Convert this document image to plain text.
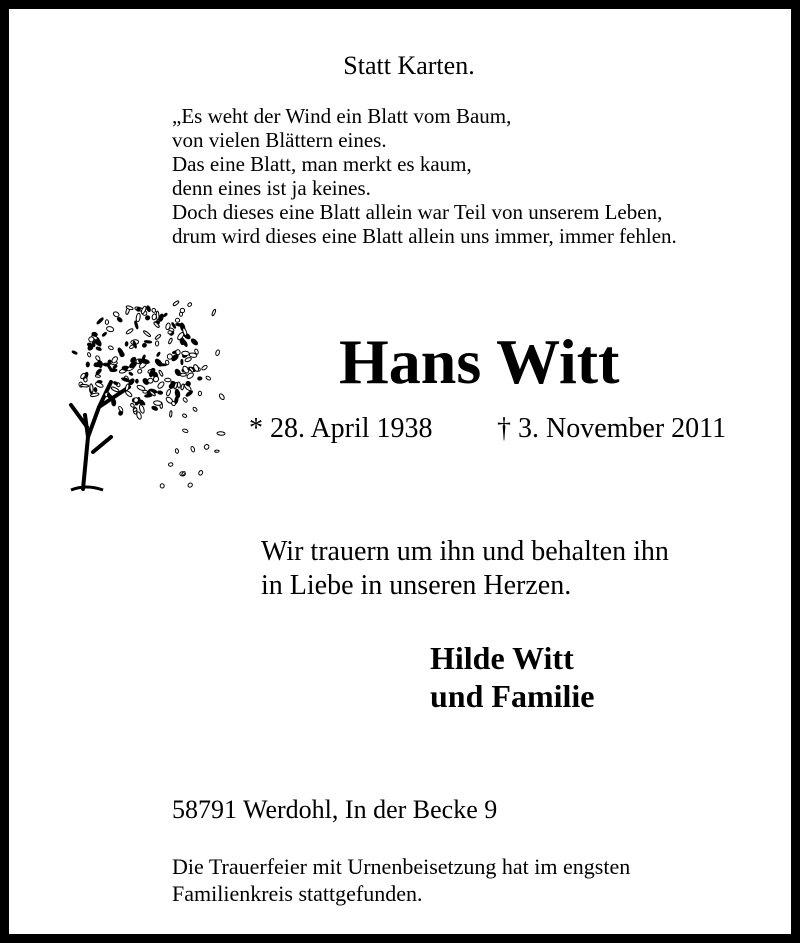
Statt Karten.
„Es weht der Wind ein Blatt vom Baum,
von vielen Blättern eines.
Das eine Blatt, man merkt es kaum,
denn eines ist ja keines.
Doch dieses eine Blatt allein war Teil von unserem Leben,
drum wird dieses eine Blatt allein uns immer, immer fehlen.
Hans Witt
* 28. April 1938 † 3. November 2011
Wir trauern um ihn und behalten ihn
in Liebe in unseren Herzen.
Hilde Witt
und Familie
58791 Werdohl, In der Becke 9
Die Trauerfeier mit Urnenbeisetzung hat im engsten
Familienkreis stattgefunden.
